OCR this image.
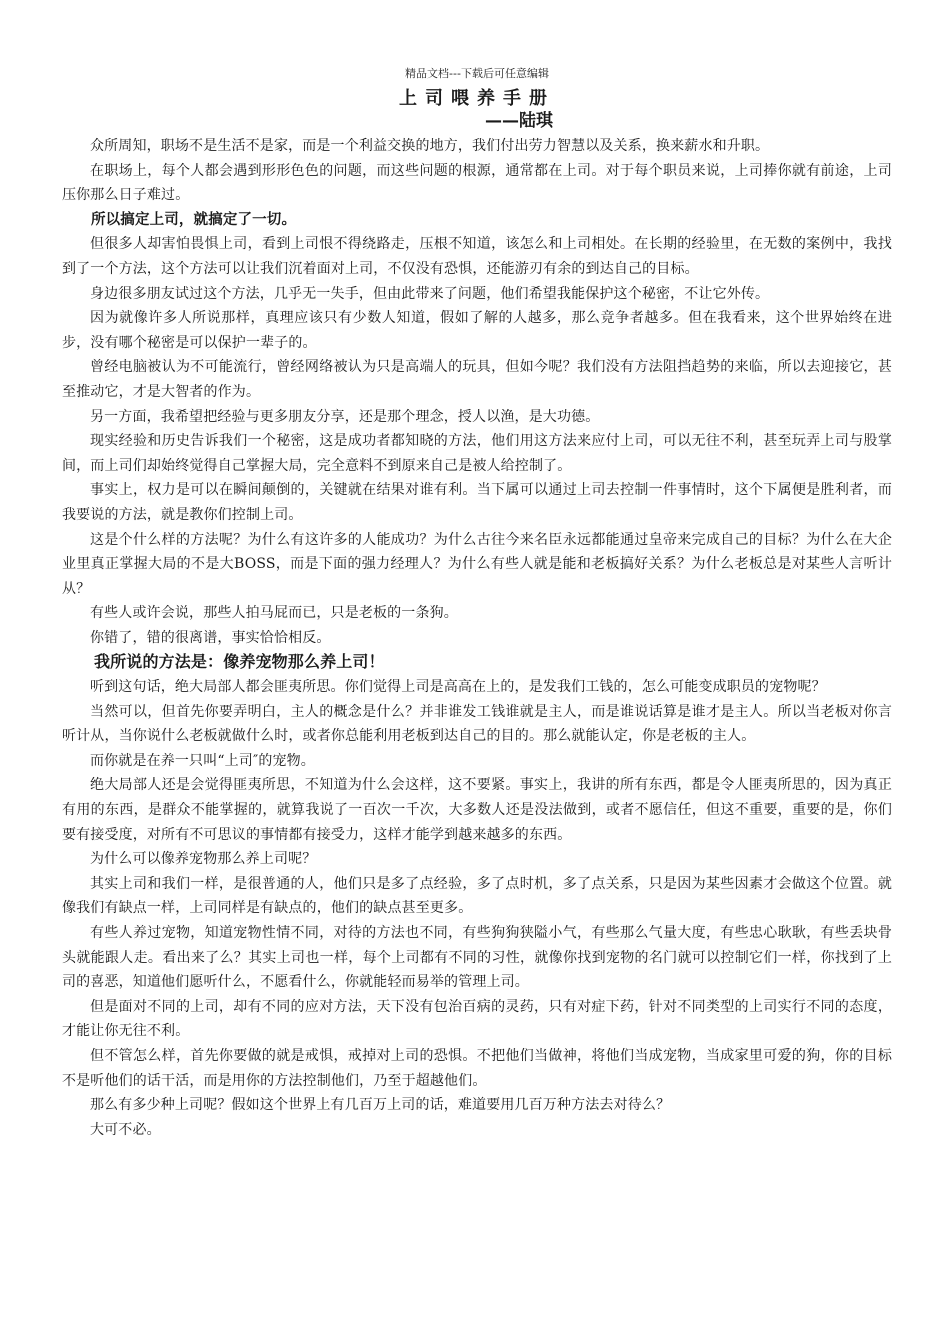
精品文档---下载后可任意编辑
上司喂养手册
——陆琪

众所周知，职场不是生活不是家，而是一个利益交换的地方，我们付出劳力智慧以及关系，换来薪水和升职。

在职场上，每个人都会遇到形形色色的问题，而这些问题的根源，通常都在上司。对于每个职员来说，上司捧你就有前途，上司压你那么日子难过。

所以搞定上司，就搞定了一切。

但很多人却害怕畏惧上司，看到上司恨不得绕路走，压根不知道，该怎么和上司相处。在长期的经验里，在无数的案例中，我找到了一个方法，这个方法可以让我们沉着面对上司，不仅没有恐惧，还能游刃有余的到达自己的目标。

身边很多朋友试过这个方法，几乎无一失手，但由此带来了问题，他们希望我能保护这个秘密，不让它外传。

因为就像许多人所说那样，真理应该只有少数人知道，假如了解的人越多，那么竞争者越多。但在我看来，这个世界始终在进步，没有哪个秘密是可以保护一辈子的。

曾经电脑被认为不可能流行，曾经网络被认为只是高端人的玩具，但如今呢？我们没有方法阻挡趋势的来临，所以去迎接它，甚至推动它，才是大智者的作为。

另一方面，我希望把经验与更多朋友分享，还是那个理念，授人以渔，是大功德。

现实经验和历史告诉我们一个秘密，这是成功者都知晓的方法，他们用这方法来应付上司，可以无往不利，甚至玩弄上司与股掌间，而上司们却始终觉得自己掌握大局，完全意料不到原来自己是被人给控制了。

事实上，权力是可以在瞬间颠倒的，关键就在结果对谁有利。当下属可以通过上司去控制一件事情时，这个下属便是胜利者，而我要说的方法，就是教你们控制上司。

这是个什么样的方法呢？为什么有这许多的人能成功？为什么古往今来名臣永远都能通过皇帝来完成自己的目标？为什么在大企业里真正掌握大局的不是大BOSS，而是下面的强力经理人？为什么有些人就是能和老板搞好关系？为什么老板总是对某些人言听计从？

有些人或许会说，那些人拍马屁而已，只是老板的一条狗。

你错了，错的很离谱，事实恰恰相反。

我所说的方法是：像养宠物那么养上司！

听到这句话，绝大局部人都会匪夷所思。你们觉得上司是高高在上的，是发我们工钱的，怎么可能变成职员的宠物呢？

当然可以，但首先你要弄明白，主人的概念是什么？并非谁发工钱谁就是主人，而是谁说话算是谁才是主人。所以当老板对你言听计从，当你说什么老板就做什么时，或者你总能利用老板到达自己的目的。那么就能认定，你是老板的主人。

而你就是在养一只叫“上司″的宠物。

绝大局部人还是会觉得匪夷所思，不知道为什么会这样，这不要紧。事实上，我讲的所有东西，都是令人匪夷所思的，因为真正有用的东西，是群众不能掌握的，就算我说了一百次一千次，大多数人还是没法做到，或者不愿信任，但这不重要，重要的是，你们要有接受度，对所有不可思议的事情都有接受力，这样才能学到越来越多的东西。

为什么可以像养宠物那么养上司呢？

其实上司和我们一样，是很普通的人，他们只是多了点经验，多了点时机，多了点关系，只是因为某些因素才会做这个位置。就像我们有缺点一样，上司同样是有缺点的，他们的缺点甚至更多。

有些人养过宠物，知道宠物性情不同，对待的方法也不同，有些狗狗狭隘小气，有些那么气量大度，有些忠心耿耿，有些丢块骨头就能跟人走。看出来了么？其实上司也一样，每个上司都有不同的习性，就像你找到宠物的名门就可以控制它们一样，你找到了上司的喜恶，知道他们愿听什么，不愿看什么，你就能轻而易举的管理上司。

但是面对不同的上司，却有不同的应对方法，天下没有包治百病的灵药，只有对症下药，针对不同类型的上司实行不同的态度，才能让你无往不利。

但不管怎么样，首先你要做的就是戒惧，戒掉对上司的恐惧。不把他们当做神，将他们当成宠物，当成家里可爱的狗，你的目标不是听他们的话干活，而是用你的方法控制他们，乃至于超越他们。

那么有多少种上司呢？假如这个世界上有几百万上司的话，难道要用几百万种方法去对待么？

大可不必。
